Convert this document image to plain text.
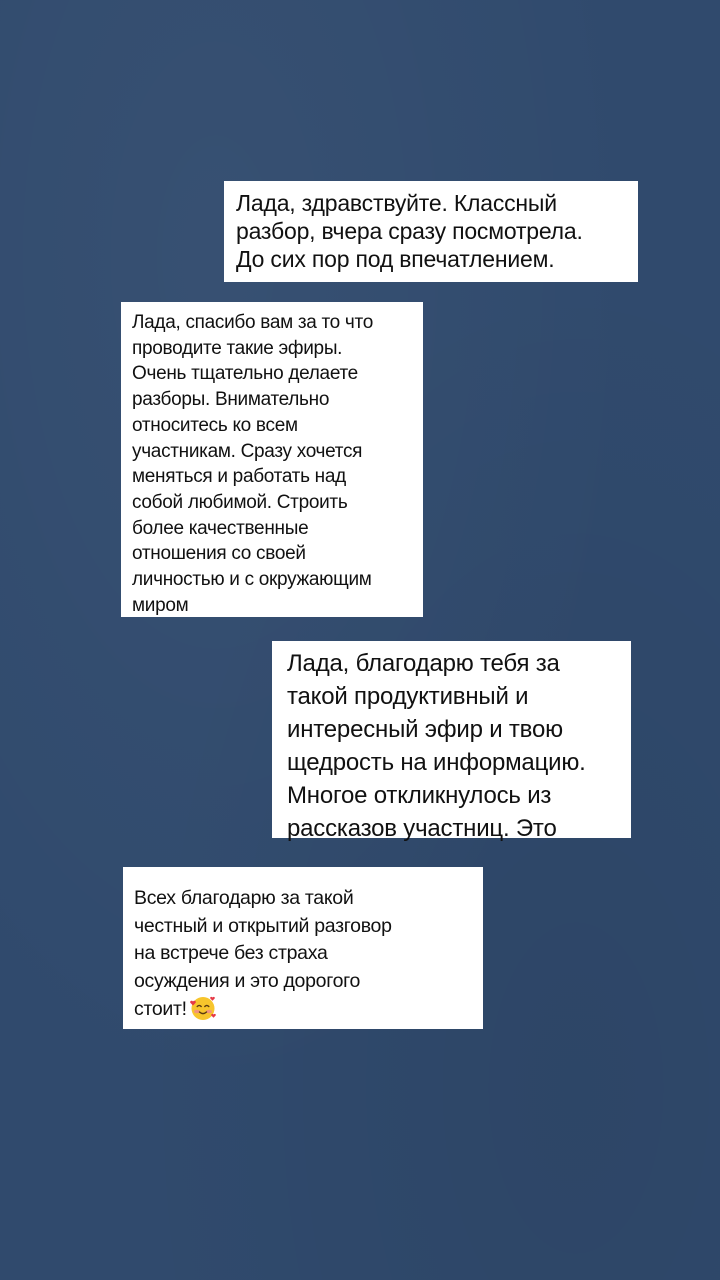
Лада, здравствуйте. Классный
разбор, вчера сразу посмотрела.
До сих пор под впечатлением.
Лада, спасибо вам за то что
проводите такие эфиры.
Очень тщательно делаете
разборы. Внимательно
относитесь ко всем
участникам. Сразу хочется
меняться и работать над
собой любимой. Строить
более качественные
отношения со своей
личностью и с окружающим
миром
Лада, благодарю тебя за
такой продуктивный и
интересный эфир и твою
щедрость на информацию.
Многое откликнулось из
рассказов участниц. Это
Всех благодарю за такой
честный и открытий разговор
на встрече без страха
осуждения и это дорогого
стоит!
